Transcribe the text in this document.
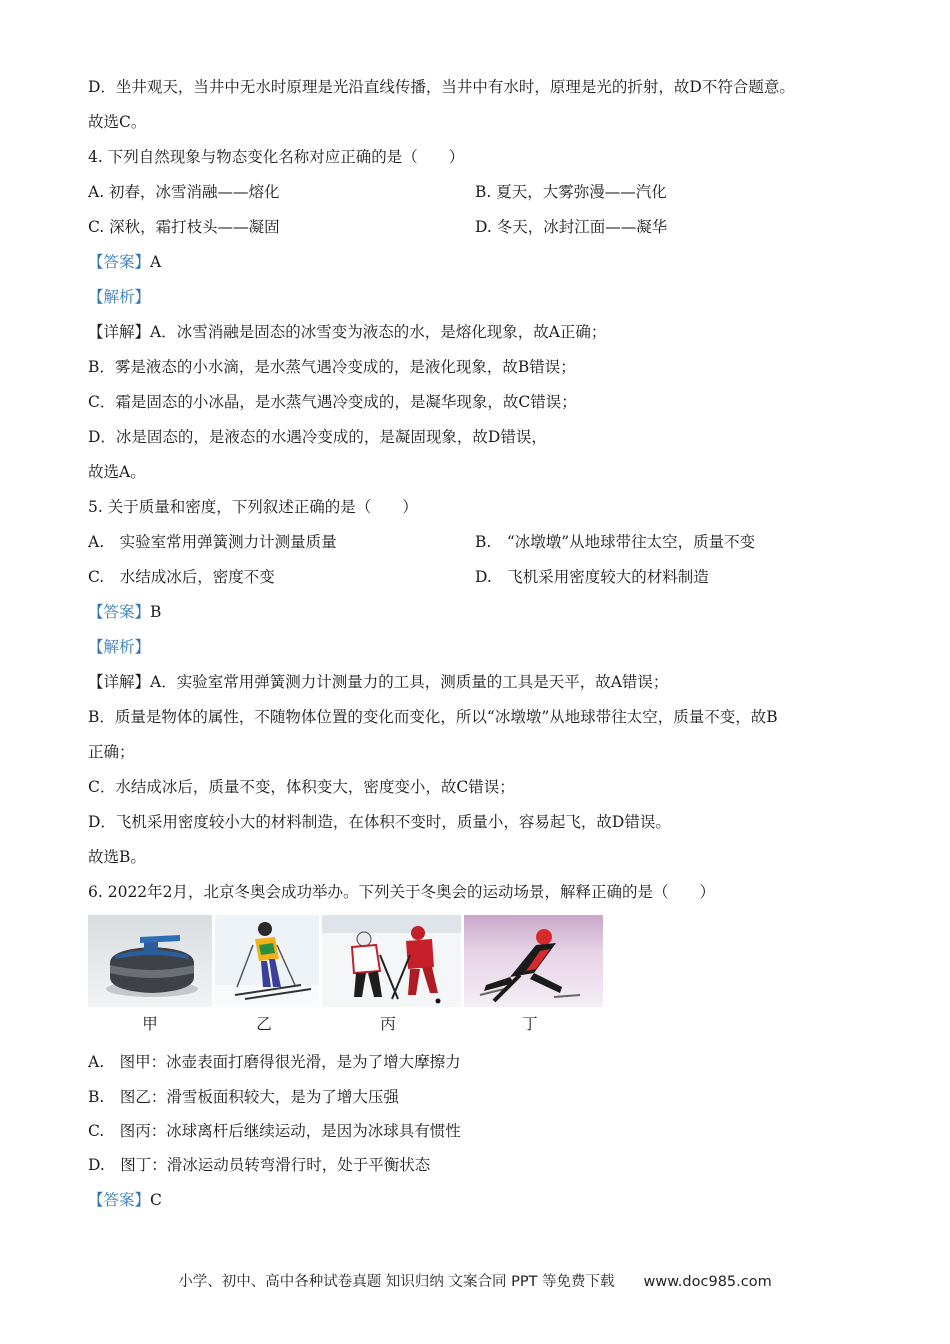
D．坐井观天，当井中无水时原理是光沿直线传播，当井中有水时，原理是光的折射，故D不符合题意。
故选C。
4. 下列自然现象与物态变化名称对应正确的是（　　）
A. 初春，冰雪消融——熔化	B. 夏天，大雾弥漫——汽化
C. 深秋，霜打枝头——凝固	D. 冬天，冰封江面——凝华
【答案】A
【解析】
【详解】A．冰雪消融是固态的冰雪变为液态的水，是熔化现象，故A正确；
B．雾是液态的小水滴，是水蒸气遇冷变成的，是液化现象，故B错误；
C．霜是固态的小冰晶，是水蒸气遇冷变成的，是凝华现象，故C错误；
D．冰是固态的，是液态的水遇冷变成的，是凝固现象，故D错误，
故选A。
5. 关于质量和密度，下列叙述正确的是（　　）
A.　实验室常用弹簧测力计测量质量	B.　“冰墩墩”从地球带往太空，质量不变
C.　水结成冰后，密度不变	D.　飞机采用密度较大的材料制造
【答案】B
【解析】
【详解】A．实验室常用弹簧测力计测量力的工具，测质量的工具是天平，故A错误；
B．质量是物体的属性，不随物体位置的变化而变化，所以“冰墩墩”从地球带往太空，质量不变，故B
正确；
C．水结成冰后，质量不变，体积变大，密度变小，故C错误；
D．飞机采用密度较小大的材料制造，在体积不变时，质量小，容易起飞，故D错误。
故选B。
6. 2022年2月，北京冬奥会成功举办。下列关于冬奥会的运动场景，解释正确的是（　　）
甲	乙	丙	丁
A.　图甲：冰壶表面打磨得很光滑，是为了增大摩擦力
B.　图乙：滑雪板面积较大，是为了增大压强
C.　图丙：冰球离杆后继续运动，是因为冰球具有惯性
D.　图丁：滑冰运动员转弯滑行时，处于平衡状态
【答案】C
小学、初中、高中各种试卷真题 知识归纳 文案合同 PPT 等免费下载　　www.doc985.com
